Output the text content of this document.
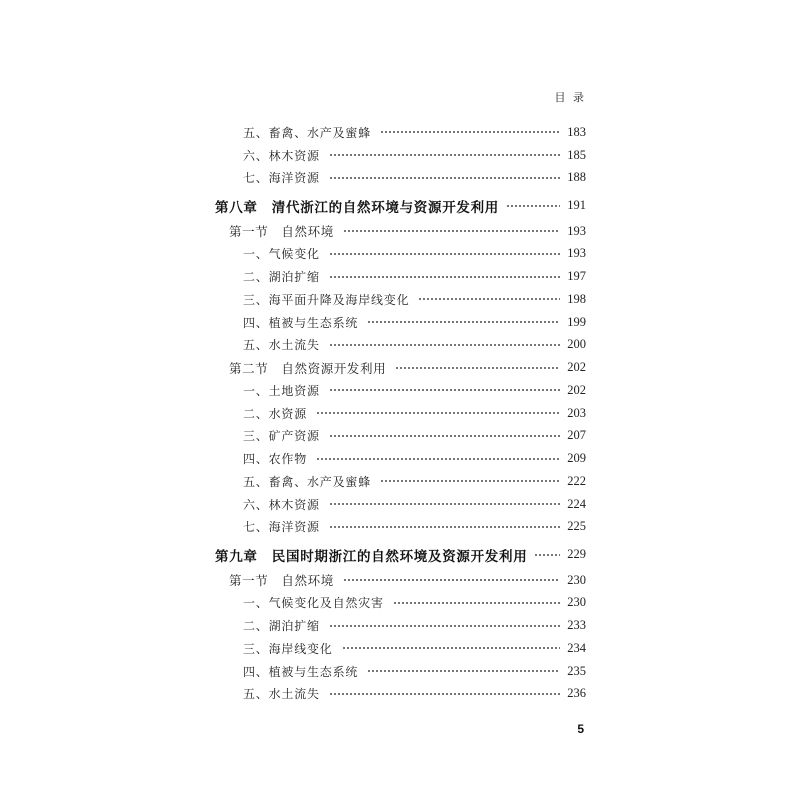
目 录
五、畜禽、水产及蜜蜂	183
六、林木资源	185
七、海洋资源	188
第八章　清代浙江的自然环境与资源开发利用	191
第一节　自然环境	193
一、气候变化	193
二、湖泊扩缩	197
三、海平面升降及海岸线变化	198
四、植被与生态系统	199
五、水土流失	200
第二节　自然资源开发利用	202
一、土地资源	202
二、水资源	203
三、矿产资源	207
四、农作物	209
五、畜禽、水产及蜜蜂	222
六、林木资源	224
七、海洋资源	225
第九章　民国时期浙江的自然环境及资源开发利用	229
第一节　自然环境	230
一、气候变化及自然灾害	230
二、湖泊扩缩	233
三、海岸线变化	234
四、植被与生态系统	235
五、水土流失	236
5
